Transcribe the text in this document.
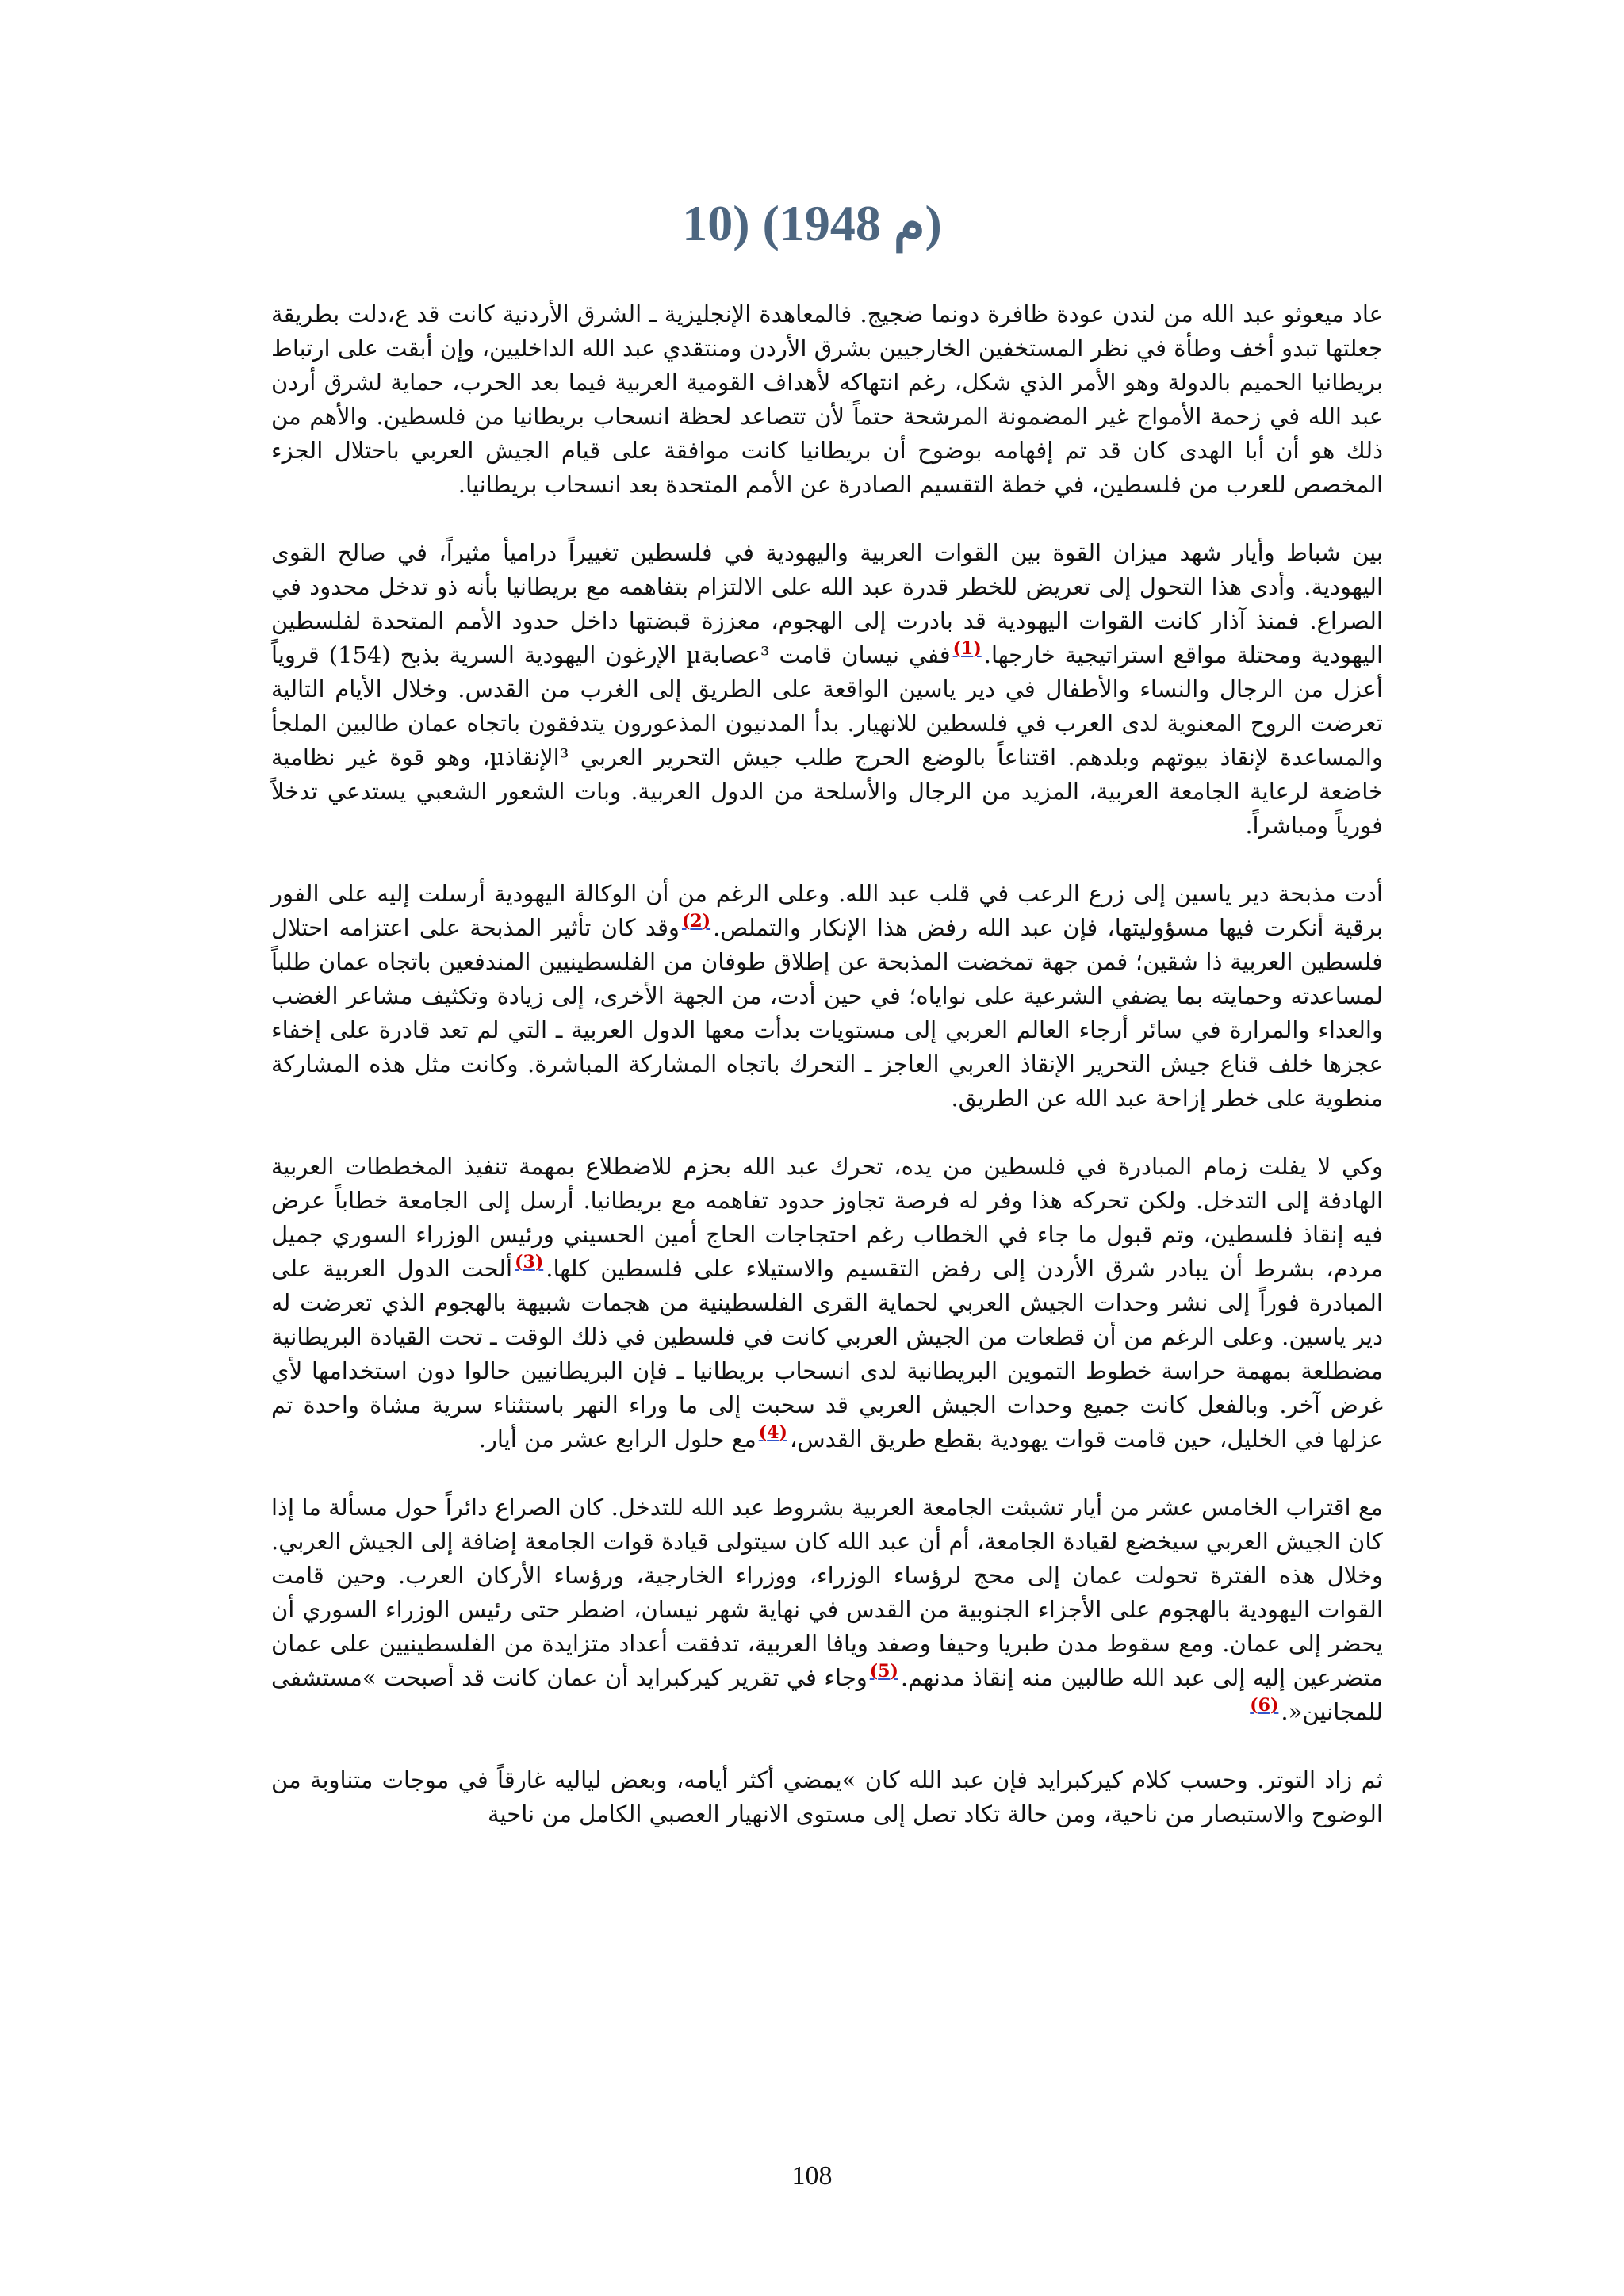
10) (1948 م)

عاد ميعوثو عبد الله من لندن عودة ظافرة دونما ضجيج. فالمعاهدة الإنجليزية ـ الشرق الأردنية كانت قد ع،دلت بطريقة جعلتها تبدو أخف وطأة في نظر المستخفين الخارجيين بشرق الأردن ومنتقدي عبد الله الداخليين، وإن أبقت على ارتباط بريطانيا الحميم بالدولة وهو الأمر الذي شكل، رغم انتهاكه لأهداف القومية العربية فيما بعد الحرب، حماية لشرق أردن عبد الله في زحمة الأمواج غير المضمونة المرشحة حتماً لأن تتصاعد لحظة انسحاب بريطانيا من فلسطين. والأهم من ذلك هو أن أبا الهدى كان قد تم إفهامه بوضوح أن بريطانيا كانت موافقة على قيام الجيش العربي باحتلال الجزء المخصص للعرب من فلسطين، في خطة التقسيم الصادرة عن الأمم المتحدة بعد انسحاب بريطانيا.

بين شباط وأيار شهد ميزان القوة بين القوات العربية واليهودية في فلسطين تغييراً دراميأ مثيراً، في صالح القوى اليهودية. وأدى هذا التحول إلى تعريض للخطر قدرة عبد الله على الالتزام بتفاهمه مع بريطانيا بأنه ذو تدخل محدود في الصراع. فمنذ آذار كانت القوات اليهودية قد بادرت إلى الهجوم، معززة قبضتها داخل حدود الأمم المتحدة لفلسطين اليهودية ومحتلة مواقع استراتيجية خارجها.$^{(1)}$ففي نيسان قامت ³عصابةµ الإرغون اليهودية السرية بذبح (154) قروياً أعزل من الرجال والنساء والأطفال في دير ياسين الواقعة على الطريق إلى الغرب من القدس. وخلال الأيام التالية تعرضت الروح المعنوية لدى العرب في فلسطين للانهيار. بدأ المدنيون المذعورون يتدفقون باتجاه عمان طالبين الملجأ والمساعدة لإنقاذ بيوتهم وبلدهم. اقتناعاً بالوضع الحرج طلب جيش التحرير العربي ³الإنقاذµ، وهو قوة غير نظامية خاضعة لرعاية الجامعة العربية، المزيد من الرجال والأسلحة من الدول العربية. وبات الشعور الشعبي يستدعي تدخلاً فورياً ومباشراً.

أدت مذبحة دير ياسين إلى زرع الرعب في قلب عبد الله. وعلى الرغم من أن الوكالة اليهودية أرسلت إليه على الفور برقية أنكرت فيها مسؤوليتها، فإن عبد الله رفض هذا الإنكار والتملص.$^{(2)}$وقد كان تأثير المذبحة على اعتزامه احتلال فلسطين العربية ذا شقين؛ فمن جهة تمخضت المذبحة عن إطلاق طوفان من الفلسطينيين المندفعين باتجاه عمان طلباً لمساعدته وحمايته بما يضفي الشرعية على نواياه؛ في حين أدت، من الجهة الأخرى، إلى زيادة وتكثيف مشاعر الغضب والعداء والمرارة في سائر أرجاء العالم العربي إلى مستويات بدأت معها الدول العربية ـ التي لم تعد قادرة على إخفاء عجزها خلف قناع جيش التحرير الإنقاذ العربي العاجز ـ التحرك باتجاه المشاركة المباشرة. وكانت مثل هذه المشاركة منطوية على خطر إزاحة عبد الله عن الطريق.

وكي لا يفلت زمام المبادرة في فلسطين من يده، تحرك عبد الله بحزم للاضطلاع بمهمة تنفيذ المخططات العربية الهادفة إلى التدخل. ولكن تحركه هذا وفر له فرصة تجاوز حدود تفاهمه مع بريطانيا. أرسل إلى الجامعة خطاباً عرض فيه إنقاذ فلسطين، وتم قبول ما جاء في الخطاب رغم احتجاجات الحاج أمين الحسيني ورئيس الوزراء السوري جميل مردم، بشرط أن يبادر شرق الأردن إلى رفض التقسيم والاستيلاء على فلسطين كلها.$^{(3)}$ألحت الدول العربية على المبادرة فوراً إلى نشر وحدات الجيش العربي لحماية القرى الفلسطينية من هجمات شبيهة بالهجوم الذي تعرضت له دير ياسين. وعلى الرغم من أن قطعات من الجيش العربي كانت في فلسطين في ذلك الوقت ـ تحت القيادة البريطانية مضطلعة بمهمة حراسة خطوط التموين البريطانية لدى انسحاب بريطانيا ـ فإن البريطانيين حالوا دون استخدامها لأي غرض آخر. وبالفعل كانت جميع وحدات الجيش العربي قد سحبت إلى ما وراء النهر باستثناء سرية مشاة واحدة تم عزلها في الخليل، حين قامت قوات يهودية بقطع طريق القدس،$^{(4)}$مع حلول الرابع عشر من أيار.

مع اقتراب الخامس عشر من أيار تشبثت الجامعة العربية بشروط عبد الله للتدخل. كان الصراع دائراً حول مسألة ما إذا كان الجيش العربي سيخضع لقيادة الجامعة، أم أن عبد الله كان سيتولى قيادة قوات الجامعة إضافة إلى الجيش العربي. وخلال هذه الفترة تحولت عمان إلى محج لرؤساء الوزراء، ووزراء الخارجية، ورؤساء الأركان العرب. وحين قامت القوات اليهودية بالهجوم على الأجزاء الجنوبية من القدس في نهاية شهر نيسان، اضطر حتى رئيس الوزراء السوري أن يحضر إلى عمان. ومع سقوط مدن طبريا وحيفا وصفد ويافا العربية، تدفقت أعداد متزايدة من الفلسطينيين على عمان متضرعين إليه إلى عبد الله طالبين منه إنقاذ مدنهم.$^{(5)}$وجاء في تقرير كيركبرايد أن عمان كانت قد أصبحت »مستشفى للمجانين«.$^{(6)}$

ثم زاد التوتر. وحسب كلام كيركبرايد فإن عبد الله كان »يمضي أكثر أيامه، وبعض لياليه غارقاً في موجات متناوبة من الوضوح والاستبصار من ناحية، ومن حالة تكاد تصل إلى مستوى الانهيار العصبي الكامل من ناحية

108
